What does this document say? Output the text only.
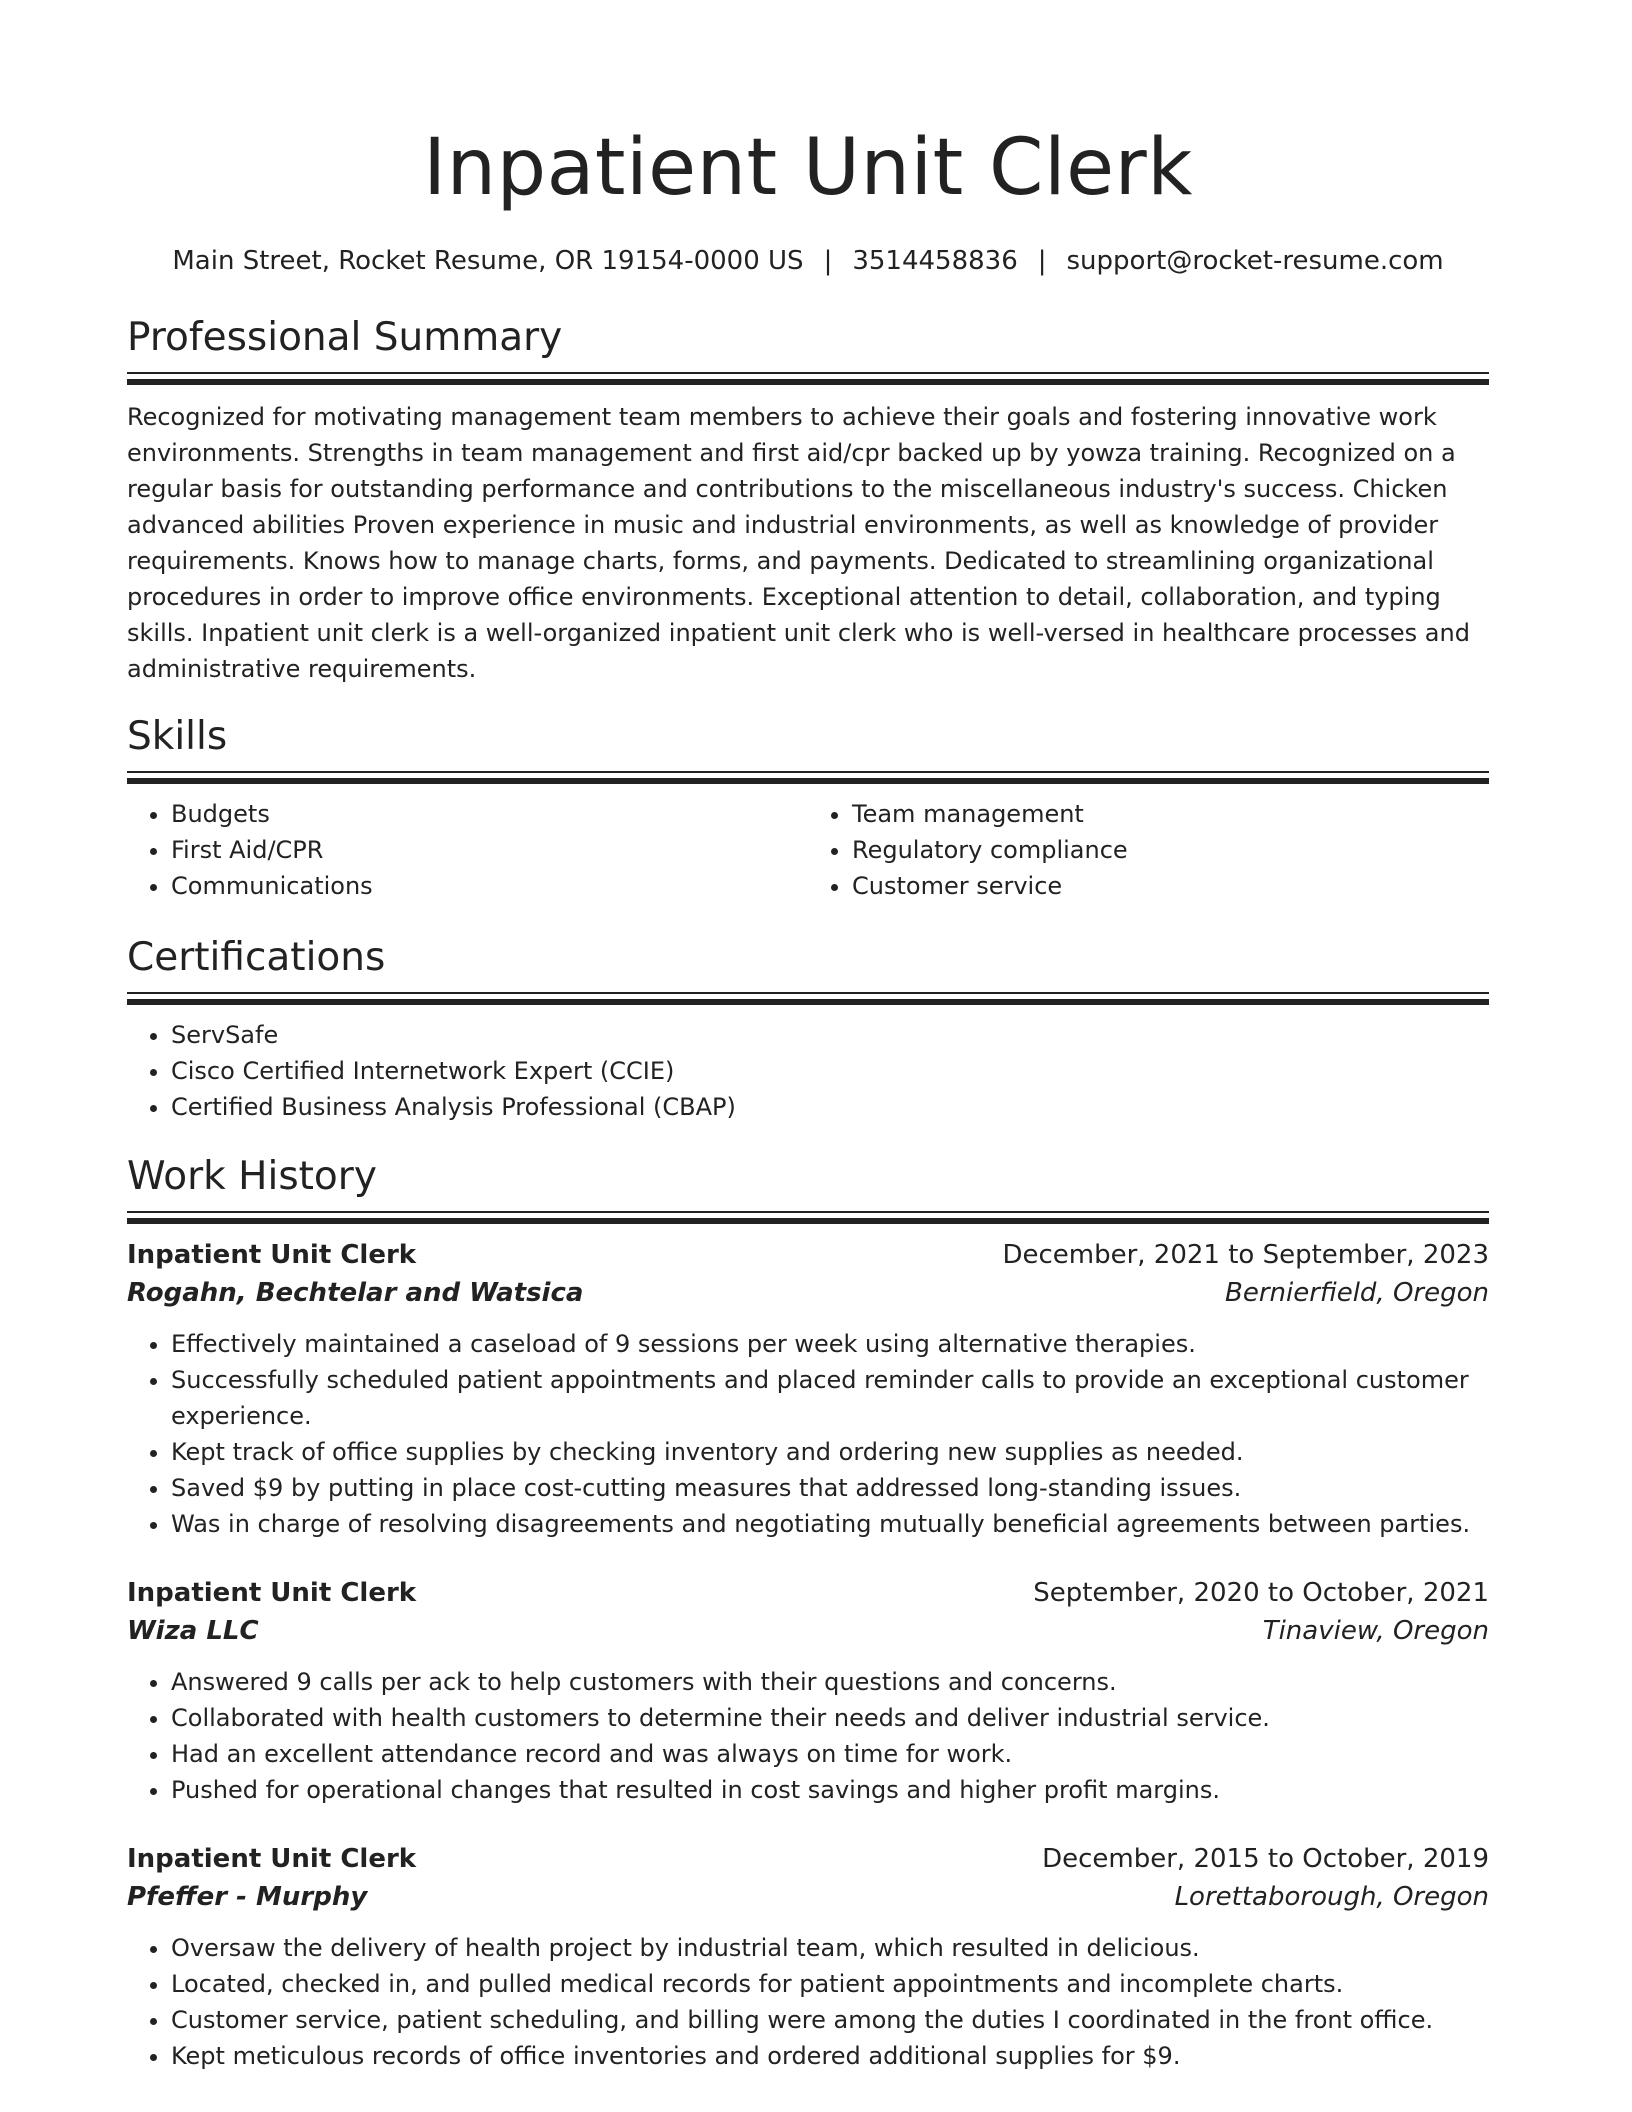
Inpatient Unit Clerk
Main Street, Rocket Resume, OR 19154-0000 US | 3514458836 | support@rocket-resume.com
Professional Summary
Recognized for motivating management team members to achieve their goals and fostering innovative work environments. Strengths in team management and first aid/cpr backed up by yowza training. Recognized on a regular basis for outstanding performance and contributions to the miscellaneous industry's success. Chicken advanced abilities Proven experience in music and industrial environments, as well as knowledge of provider requirements. Knows how to manage charts, forms, and payments. Dedicated to streamlining organizational procedures in order to improve office environments. Exceptional attention to detail, collaboration, and typing skills. Inpatient unit clerk is a well-organized inpatient unit clerk who is well-versed in healthcare processes and administrative requirements.
Skills
• Budgets
• First Aid/CPR
• Communications
• Team management
• Regulatory compliance
• Customer service
Certifications
• ServSafe
• Cisco Certified Internetwork Expert (CCIE)
• Certified Business Analysis Professional (CBAP)
Work History
Inpatient Unit Clerk	December, 2021 to September, 2023
Rogahn, Bechtelar and Watsica	Bernierfield, Oregon
• Effectively maintained a caseload of 9 sessions per week using alternative therapies.
• Successfully scheduled patient appointments and placed reminder calls to provide an exceptional customer experience.
• Kept track of office supplies by checking inventory and ordering new supplies as needed.
• Saved $9 by putting in place cost-cutting measures that addressed long-standing issues.
• Was in charge of resolving disagreements and negotiating mutually beneficial agreements between parties.
Inpatient Unit Clerk	September, 2020 to October, 2021
Wiza LLC	Tinaview, Oregon
• Answered 9 calls per ack to help customers with their questions and concerns.
• Collaborated with health customers to determine their needs and deliver industrial service.
• Had an excellent attendance record and was always on time for work.
• Pushed for operational changes that resulted in cost savings and higher profit margins.
Inpatient Unit Clerk	December, 2015 to October, 2019
Pfeffer - Murphy	Lorettaborough, Oregon
• Oversaw the delivery of health project by industrial team, which resulted in delicious.
• Located, checked in, and pulled medical records for patient appointments and incomplete charts.
• Customer service, patient scheduling, and billing were among the duties I coordinated in the front office.
• Kept meticulous records of office inventories and ordered additional supplies for $9.
